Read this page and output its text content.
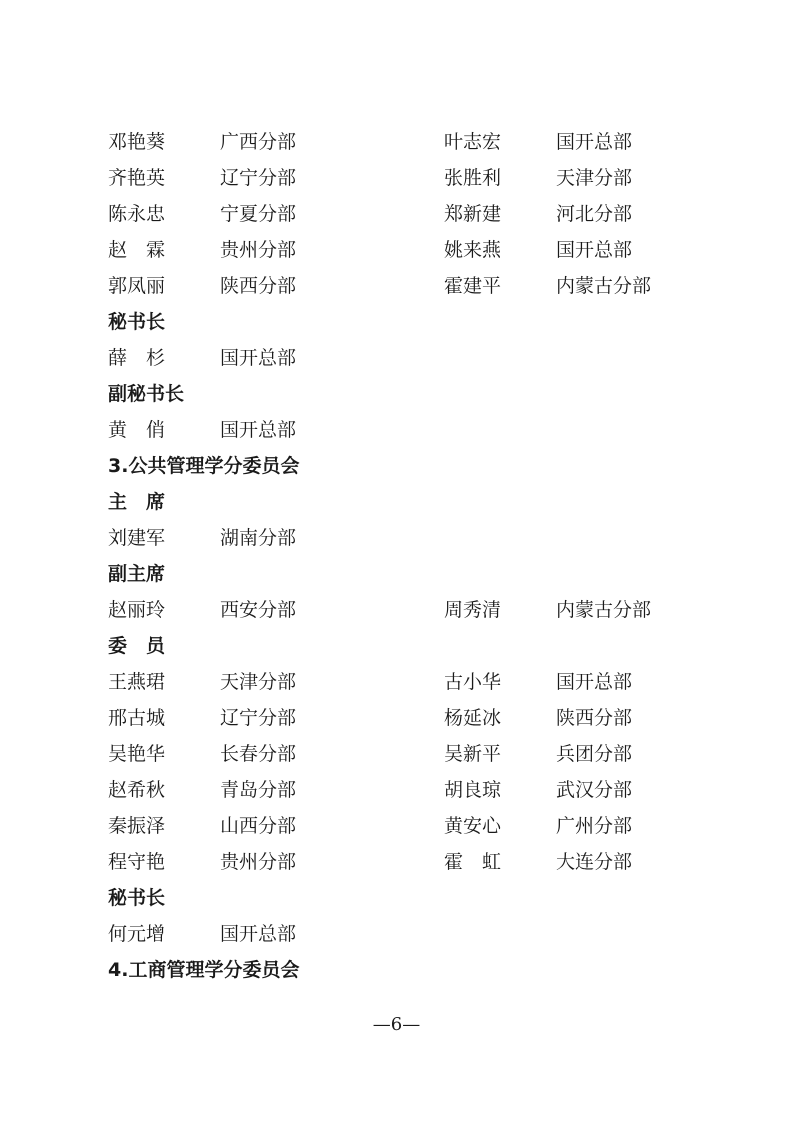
邓艳葵	广西分部	叶志宏	国开总部
齐艳英	辽宁分部	张胜利	天津分部
陈永忠	宁夏分部	郑新建	河北分部
赵　霖	贵州分部	姚来燕	国开总部
郭凤丽	陕西分部	霍建平	内蒙古分部
秘书长
薛　杉	国开总部
副秘书长
黄　俏	国开总部
3.公共管理学分委员会
主　席
刘建军	湖南分部
副主席
赵丽玲	西安分部	周秀清	内蒙古分部
委　员
王燕珺	天津分部	古小华	国开总部
邢古城	辽宁分部	杨延冰	陕西分部
吴艳华	长春分部	吴新平	兵团分部
赵希秋	青岛分部	胡良琼	武汉分部
秦振泽	山西分部	黄安心	广州分部
程守艳	贵州分部	霍　虹	大连分部
秘书长
何元增	国开总部
4.工商管理学分委员会
—6—
